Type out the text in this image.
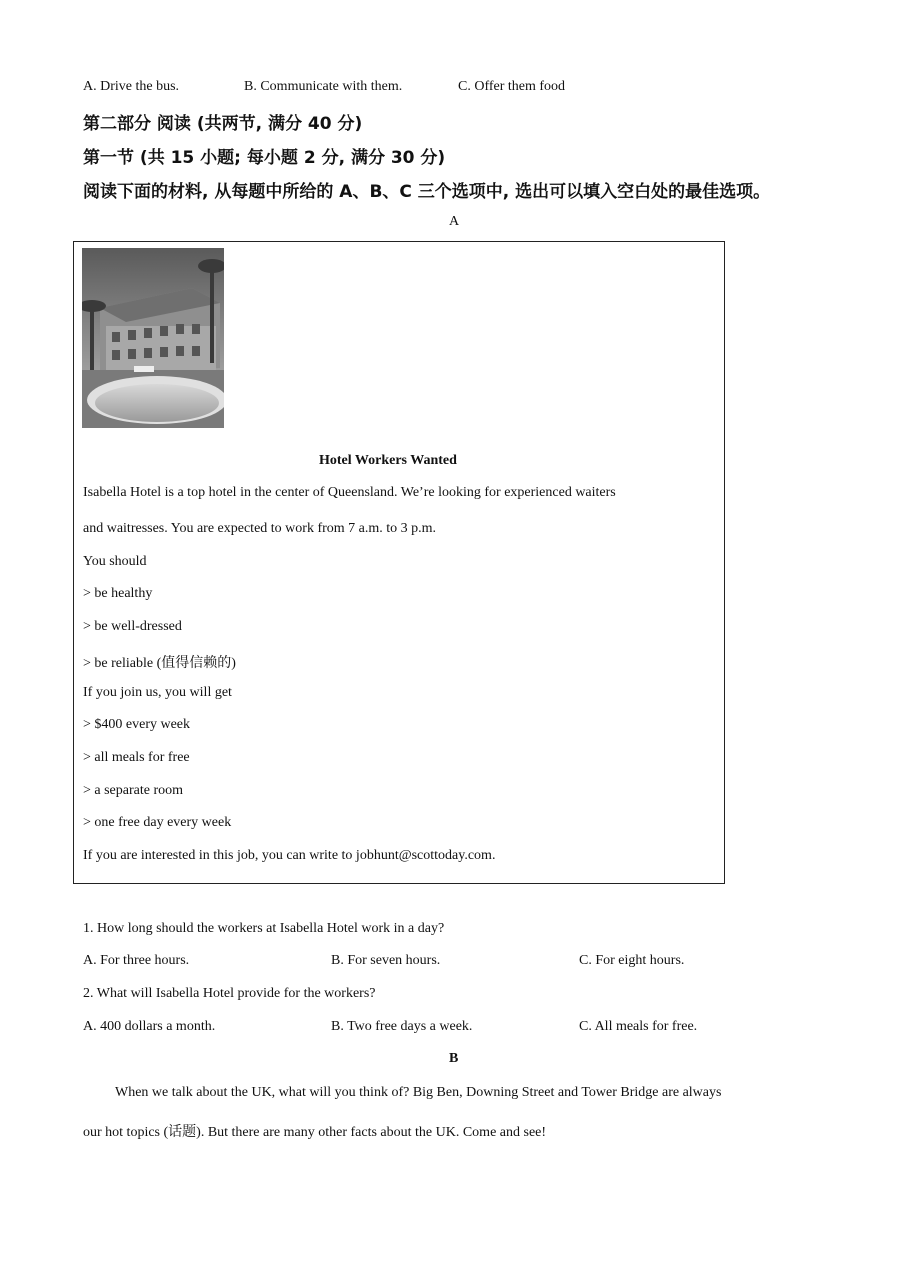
A. Drive the bus.	B. Communicate with them.	C. Offer them food
第二部分 阅读 (共两节, 满分 40 分)
第一节 (共 15 小题; 每小题 2 分, 满分 30 分)
阅读下面的材料, 从每题中所给的 A、B、C 三个选项中, 选出可以填入空白处的最佳选项。
A
Hotel Workers Wanted
Isabella Hotel is a top hotel in the center of Queensland. We’re looking for experienced waiters
and waitresses. You are expected to work from 7 a.m. to 3 p.m.
You should
> be healthy
> be well-dressed
> be reliable (值得信赖的)
If you join us, you will get
> $400 every week
> all meals for free
> a separate room
> one free day every week
If you are interested in this job, you can write to jobhunt@scottoday.com.
1. How long should the workers at Isabella Hotel work in a day?
A. For three hours.	B. For seven hours.	C. For eight hours.
2. What will Isabella Hotel provide for the workers?
A. 400 dollars a month.	B. Two free days a week.	C. All meals for free.
B
When we talk about the UK, what will you think of? Big Ben, Downing Street and Tower Bridge are always
our hot topics (话题). But there are many other facts about the UK. Come and see!
